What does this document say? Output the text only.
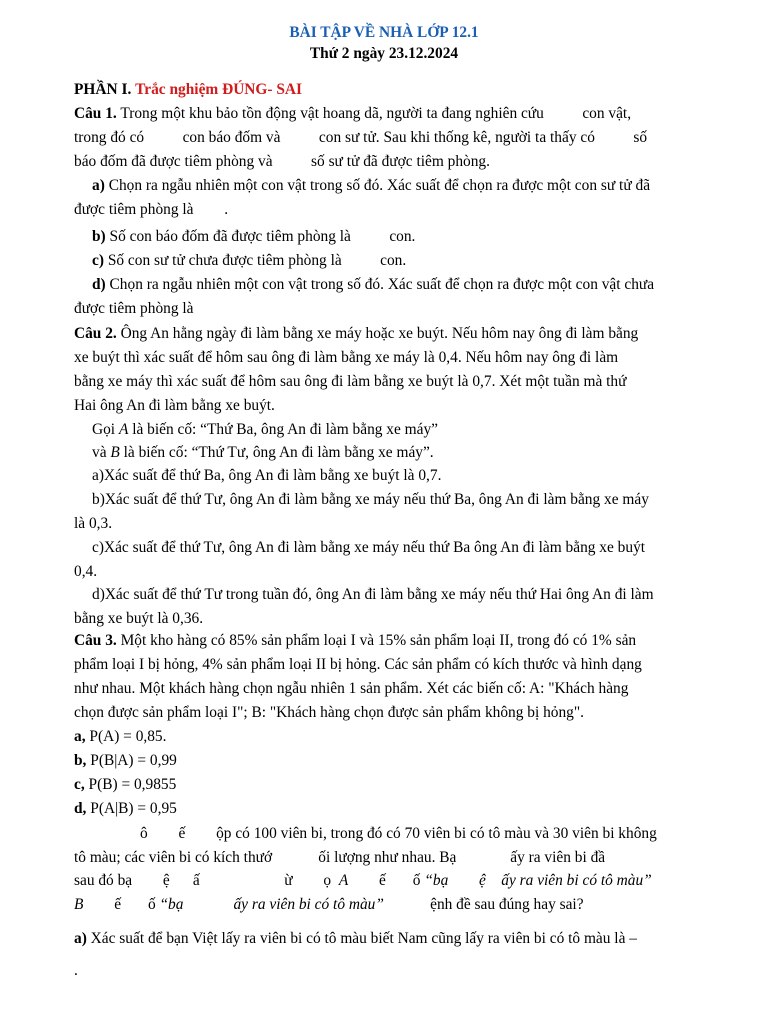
BÀI TẬP VỀ NHÀ LỚP 12.1
Thứ 2 ngày 23.12.2024
PHẦN I. Trắc nghiệm ĐÚNG- SAI
Câu 1. Trong một khu bảo tồn động vật hoang dã, người ta đang nghiên cứu          con vật,
trong đó có          con báo đốm và          con sư tử. Sau khi thống kê, người ta thấy có          số
báo đốm đã được tiêm phòng và          số sư tử đã được tiêm phòng.
a) Chọn ra ngẫu nhiên một con vật trong số đó. Xác suất để chọn ra được một con sư tử đã
được tiêm phòng là        .
b) Số con báo đốm đã được tiêm phòng là          con.
c) Số con sư tử chưa được tiêm phòng là          con.
d) Chọn ra ngẫu nhiên một con vật trong số đó. Xác suất để chọn ra được một con vật chưa
được tiêm phòng là
Câu 2. Ông An hằng ngày đi làm bằng xe máy hoặc xe buýt. Nếu hôm nay ông đi làm bằng
xe buýt thì xác suất để hôm sau ông đi làm bằng xe máy là 0,4. Nếu hôm nay ông đi làm
bằng xe máy thì xác suất để hôm sau ông đi làm bằng xe buýt là 0,7. Xét một tuần mà thứ
Hai ông An đi làm bằng xe buýt.
Gọi A là biến cố: “Thứ Ba, ông An đi làm bằng xe máy”
và B là biến cố: “Thứ Tư, ông An đi làm bằng xe máy”.
a)Xác suất để thứ Ba, ông An đi làm bằng xe buýt là 0,7.
b)Xác suất để thứ Tư, ông An đi làm bằng xe máy nếu thứ Ba, ông An đi làm bằng xe máy
là 0,3.
c)Xác suất để thứ Tư, ông An đi làm bằng xe máy nếu thứ Ba ông An đi làm bằng xe buýt
0,4.
d)Xác suất để thứ Tư trong tuần đó, ông An đi làm bằng xe máy nếu thứ Hai ông An đi làm
bằng xe buýt là 0,36.
Câu 3. Một kho hàng có 85% sản phẩm loại I và 15% sản phẩm loại II, trong đó có 1% sản
phẩm loại I bị hỏng, 4% sản phẩm loại II bị hỏng. Các sản phẩm có kích thước và hình dạng
như nhau. Một khách hàng chọn ngẫu nhiên 1 sản phẩm. Xét các biến cố: A: "Khách hàng
chọn được sản phẩm loại I"; B: "Khách hàng chọn được sản phẩm không bị hỏng".
a, P(A) = 0,85.
b, P(B|A) = 0,99
c, P(B) = 0,9855
d, P(A|B) = 0,95
ô        ế        ộp có 100 viên bi, trong đó có 70 viên bi có tô màu và 30 viên bi không
tô màu; các viên bi có kích thướ            ối lượng như nhau. Bạ              ấy ra viên bi đầ
sau đó bạ        ệ      ấ                      ừ        ọ  A        ế       ố “bạ        ệ    ấy ra viên bi có tô màu”
B        ế       ố “bạ             ấy ra viên bi có tô màu”            ệnh đề sau đúng hay sai?
a) Xác suất để bạn Việt lấy ra viên bi có tô màu biết Nam cũng lấy ra viên bi có tô màu là –
.
